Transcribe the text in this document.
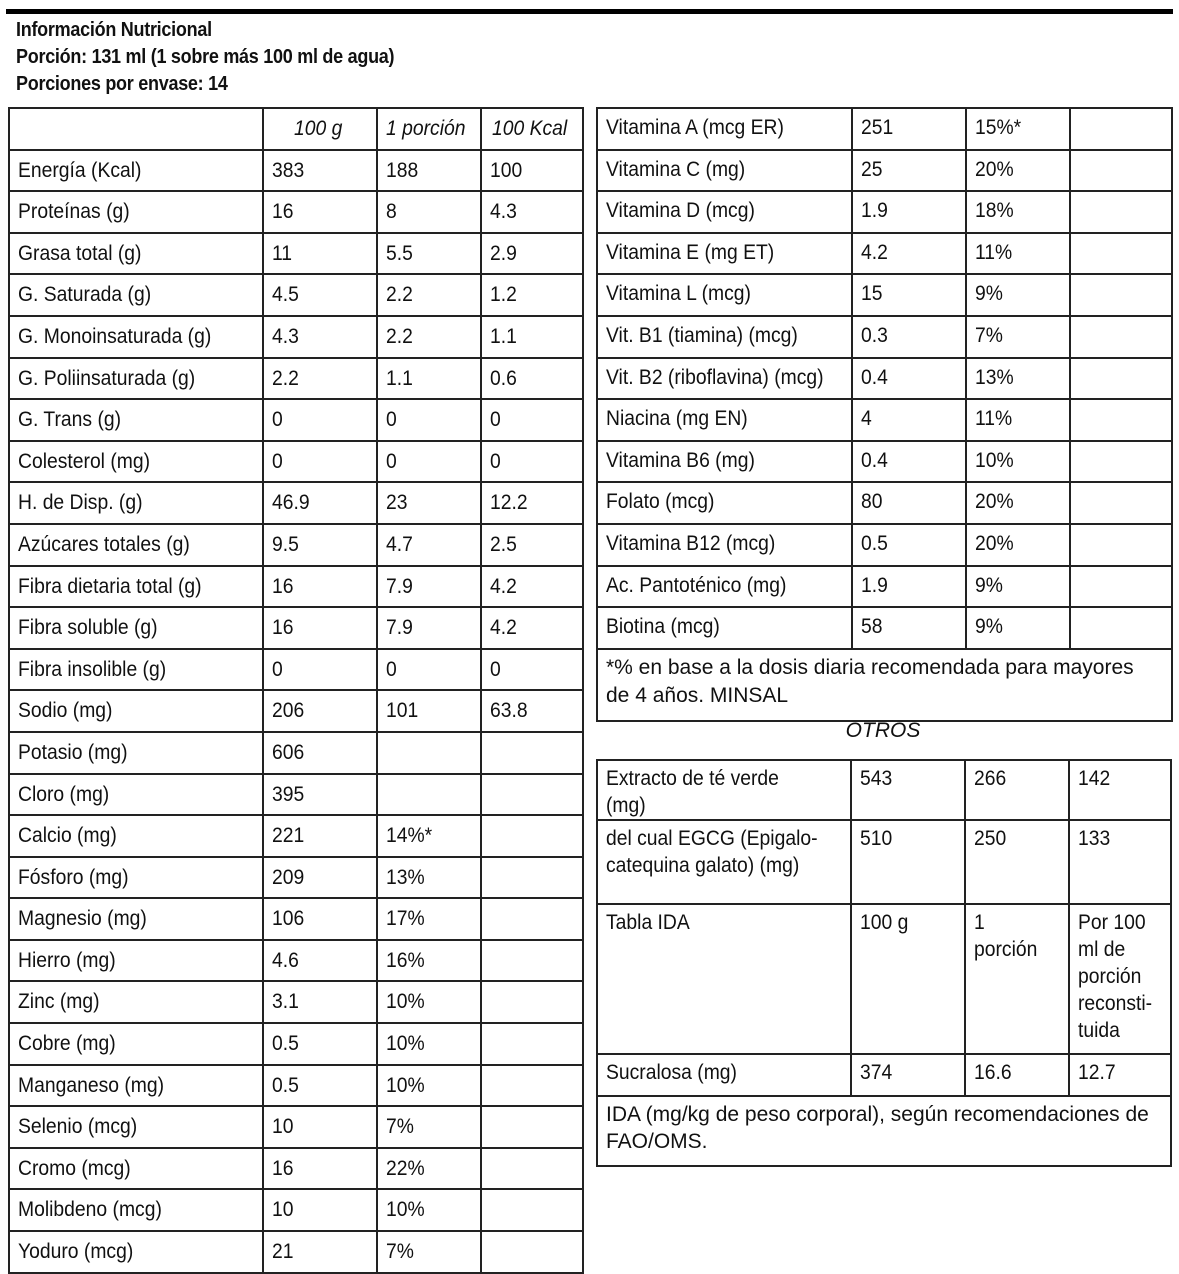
Información Nutricional
Porción: 131 ml (1 sobre más 100 ml de agua)
Porciones por envase: 14
	100 g	1 porción	100 Kcal
Energía (Kcal)	383	188	100
Proteínas (g)	16	8	4.3
Grasa total (g)	11	5.5	2.9
G. Saturada (g)	4.5	2.2	1.2
G. Monoinsaturada (g)	4.3	2.2	1.1
G. Poliinsaturada (g)	2.2	1.1	0.6
G. Trans (g)	0	0	0
Colesterol (mg)	0	0	0
H. de Disp. (g)	46.9	23	12.2
Azúcares totales (g)	9.5	4.7	2.5
Fibra dietaria total (g)	16	7.9	4.2
Fibra soluble (g)	16	7.9	4.2
Fibra insolible (g)	0	0	0
Sodio (mg)	206	101	63.8
Potasio (mg)	606		
Cloro (mg)	395		
Calcio (mg)	221	14%*	
Fósforo (mg)	209	13%	
Magnesio (mg)	106	17%	
Hierro (mg)	4.6	16%	
Zinc (mg)	3.1	10%	
Cobre (mg)	0.5	10%	
Manganeso (mg)	0.5	10%	
Selenio (mcg)	10	7%	
Cromo (mcg)	16	22%	
Molibdeno (mcg)	10	10%	
Yoduro (mcg)	21	7%	
Vitamina A (mcg ER)	251	15%*	
Vitamina C (mg)	25	20%	
Vitamina D (mcg)	1.9	18%	
Vitamina E (mg ET)	4.2	11%	
Vitamina L (mcg)	15	9%	
Vit. B1 (tiamina) (mcg)	0.3	7%	
Vit. B2 (riboflavina) (mcg)	0.4	13%	
Niacina (mg EN)	4	11%	
Vitamina B6 (mg)	0.4	10%	
Folato (mcg)	80	20%	
Vitamina B12 (mcg)	0.5	20%	
Ac. Pantoténico (mg)	1.9	9%	
Biotina (mcg)	58	9%	
*% en base a la dosis diaria recomendada para mayores de 4 años. MINSAL			
OTROS
Extracto de té verde (mg)	543	266	142
del cual EGCG (Epigalo-catequina galato) (mg)	510	250	133
Tabla IDA	100 g	1 porción	Por 100 ml de porción reconsti-tuida
Sucralosa (mg)	374	16.6	12.7
IDA (mg/kg de peso corporal), según recomendaciones de FAO/OMS.			
